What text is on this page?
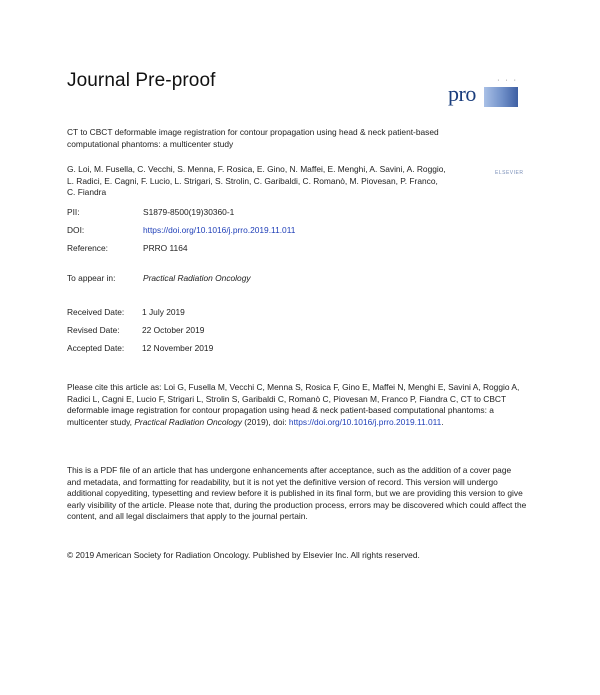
Journal Pre-proof	· · ·
pro
CT to CBCT deformable image registration for contour propagation using head & neck patient-based computational phantoms: a multicenter study
G. Loi, M. Fusella, C. Vecchi, S. Menna, F. Rosica, E. Gino, N. Maffei, E. Menghi, A. Savini, A. Roggio, L. Radici, E. Cagni, F. Lucio, L. Strigari, S. Strolin, C. Garibaldi, C. Romanò, M. Piovesan, P. Franco, C. Fiandra
ELSEVIER
PII:	S1879-8500(19)30360-1
DOI:	https://doi.org/10.1016/j.prro.2019.11.011
Reference:	PRRO 1164
To appear in:	Practical Radiation Oncology
Received Date: 1 July 2019
Revised Date:	22 October 2019
Accepted Date: 12 November 2019
Please cite this article as: Loi G, Fusella M, Vecchi C, Menna S, Rosica F, Gino E, Maffei N, Menghi E, Savini A, Roggio A, Radici L, Cagni E, Lucio F, Strigari L, Strolin S, Garibaldi C, Romanò C, Piovesan M, Franco P, Fiandra C, CT to CBCT deformable image registration for contour propagation using head & neck patient-based computational phantoms: a multicenter study, Practical Radiation Oncology (2019), doi: https://doi.org/10.1016/j.prro.2019.11.011.
This is a PDF file of an article that has undergone enhancements after acceptance, such as the addition of a cover page and metadata, and formatting for readability, but it is not yet the definitive version of record. This version will undergo additional copyediting, typesetting and review before it is published in its final form, but we are providing this version to give early visibility of the article. Please note that, during the production process, errors may be discovered which could affect the content, and all legal disclaimers that apply to the journal pertain.
© 2019 American Society for Radiation Oncology. Published by Elsevier Inc. All rights reserved.
